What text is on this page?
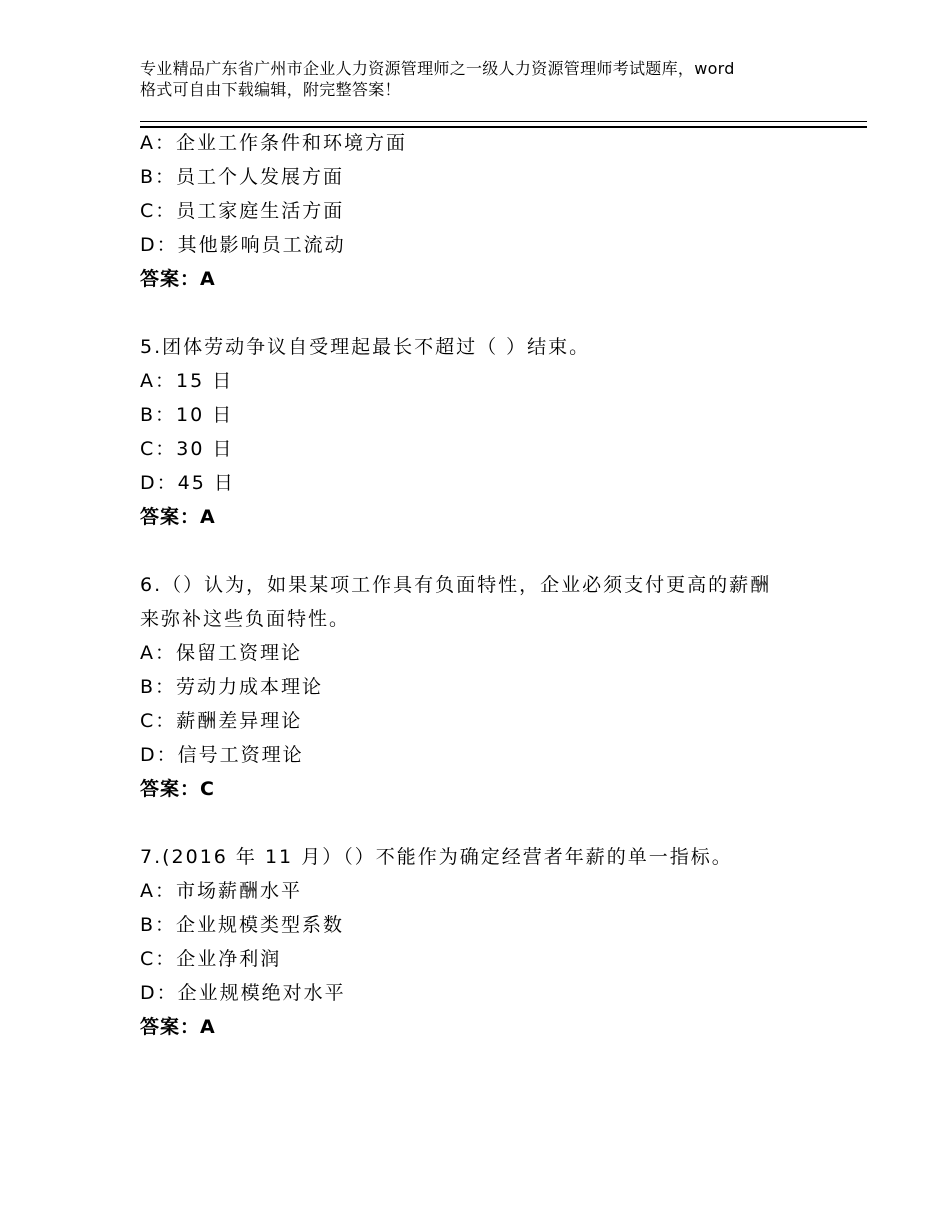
专业精品广东省广州市企业人力资源管理师之一级人力资源管理师考试题库，word
格式可自由下载编辑，附完整答案！
A：企业工作条件和环境方面
B：员工个人发展方面
C：员工家庭生活方面
D：其他影响员工流动
答案：A
5.团体劳动争议自受理起最长不超过（ ）结束。
A：15 日
B：10 日
C：30 日
D：45 日
答案：A
6.（）认为，如果某项工作具有负面特性，企业必须支付更高的薪酬
来弥补这些负面特性。
A：保留工资理论
B：劳动力成本理论
C：薪酬差异理论
D：信号工资理论
答案：C
7.(2016 年 11 月）（）不能作为确定经营者年薪的单一指标。
A：市场薪酬水平
B：企业规模类型系数
C：企业净利润
D：企业规模绝对水平
答案：A
